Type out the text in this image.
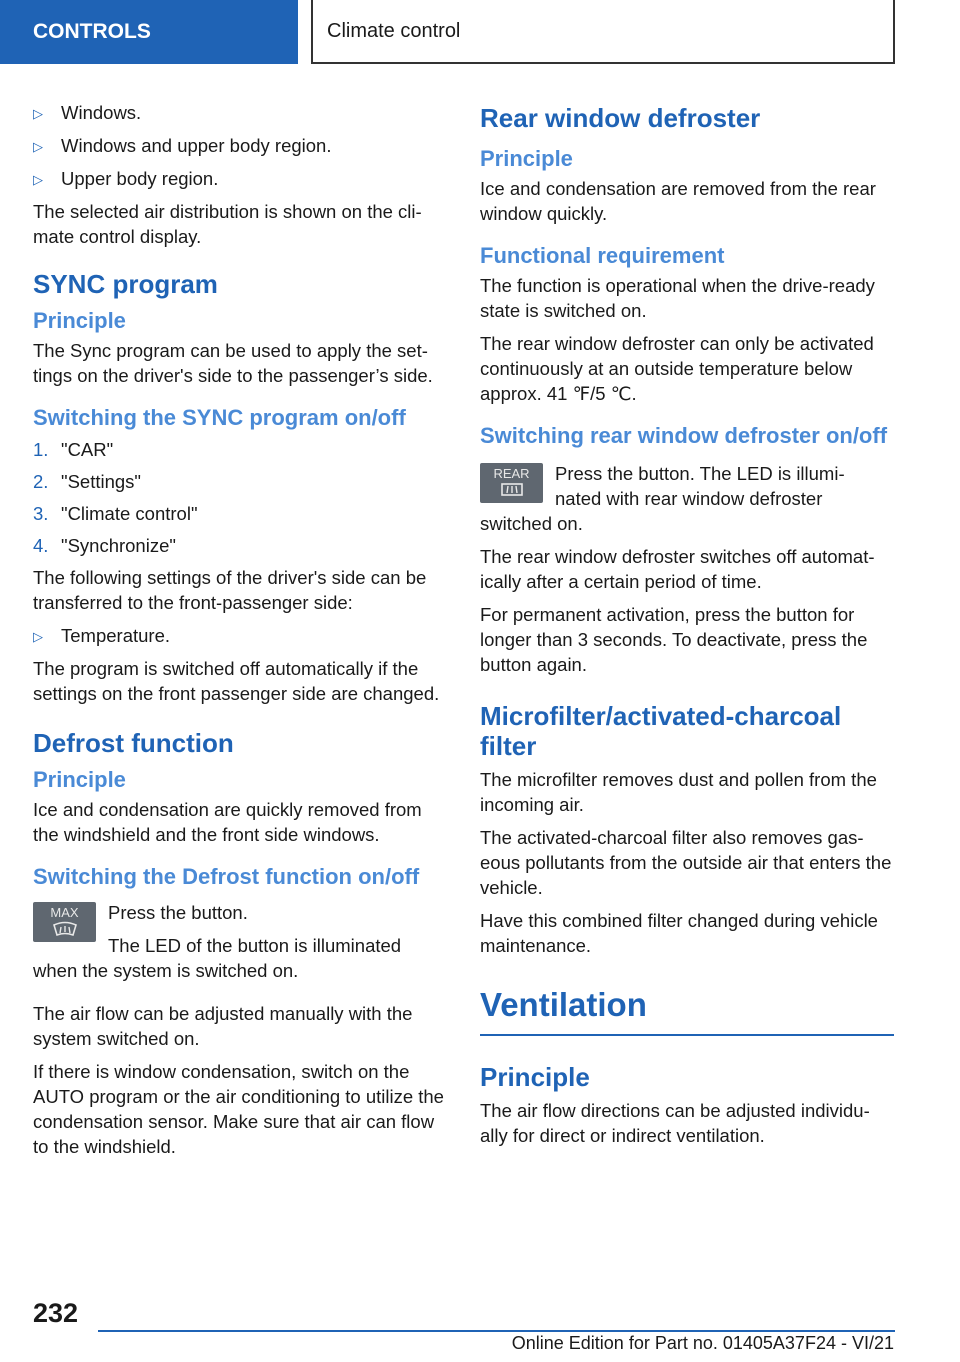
CONTROLS	Climate control
▷ Windows.
▷ Windows and upper body region.
▷ Upper body region.

The selected air distribution is shown on the cli‐ mate control display.

SYNC program
Principle

The Sync program can be used to apply the set‐ tings on the driver's side to the passenger’s side.

Switching the SYNC program on/off
1. "CAR"
2. "Settings"
3. "Climate control"
4. "Synchronize"

The following settings of the driver's side can be transferred to the front-passenger side:

▷ Temperature.

The program is switched off automatically if the settings on the front passenger side are changed.

Defrost function
Principle

Ice and condensation are quickly removed from the windshield and the front side windows.

Switching the Defrost function on/off
MAX	Press the button.

The LED of the button is illuminated when the system is switched on.

The air flow can be adjusted manually with the system switched on.

If there is window condensation, switch on the AUTO program or the air conditioning to utilize the condensation sensor. Make sure that air can flow to the windshield.

Rear window defroster
Principle

Ice and condensation are removed from the rear window quickly.

Functional requirement

The function is operational when the drive-ready state is switched on.

The rear window defroster can only be activated continuously at an outside temperature below approx. 41 ℉/5 ℃.

Switching rear window defroster on/off
REAR	Press the button. The LED is illumi‐ nated with rear window defroster switched on.

The rear window defroster switches off automat‐ ically after a certain period of time.

For permanent activation, press the button for longer than 3 seconds. To deactivate, press the button again.

Microfilter/activated-charcoal filter

The microfilter removes dust and pollen from the incoming air.

The activated-charcoal filter also removes gas‐ eous pollutants from the outside air that enters the vehicle.

Have this combined filter changed during vehicle maintenance.

Ventilation
Principle

The air flow directions can be adjusted individu‐ ally for direct or indirect ventilation.

232
Online Edition for Part no. 01405A37F24 - VI/21
